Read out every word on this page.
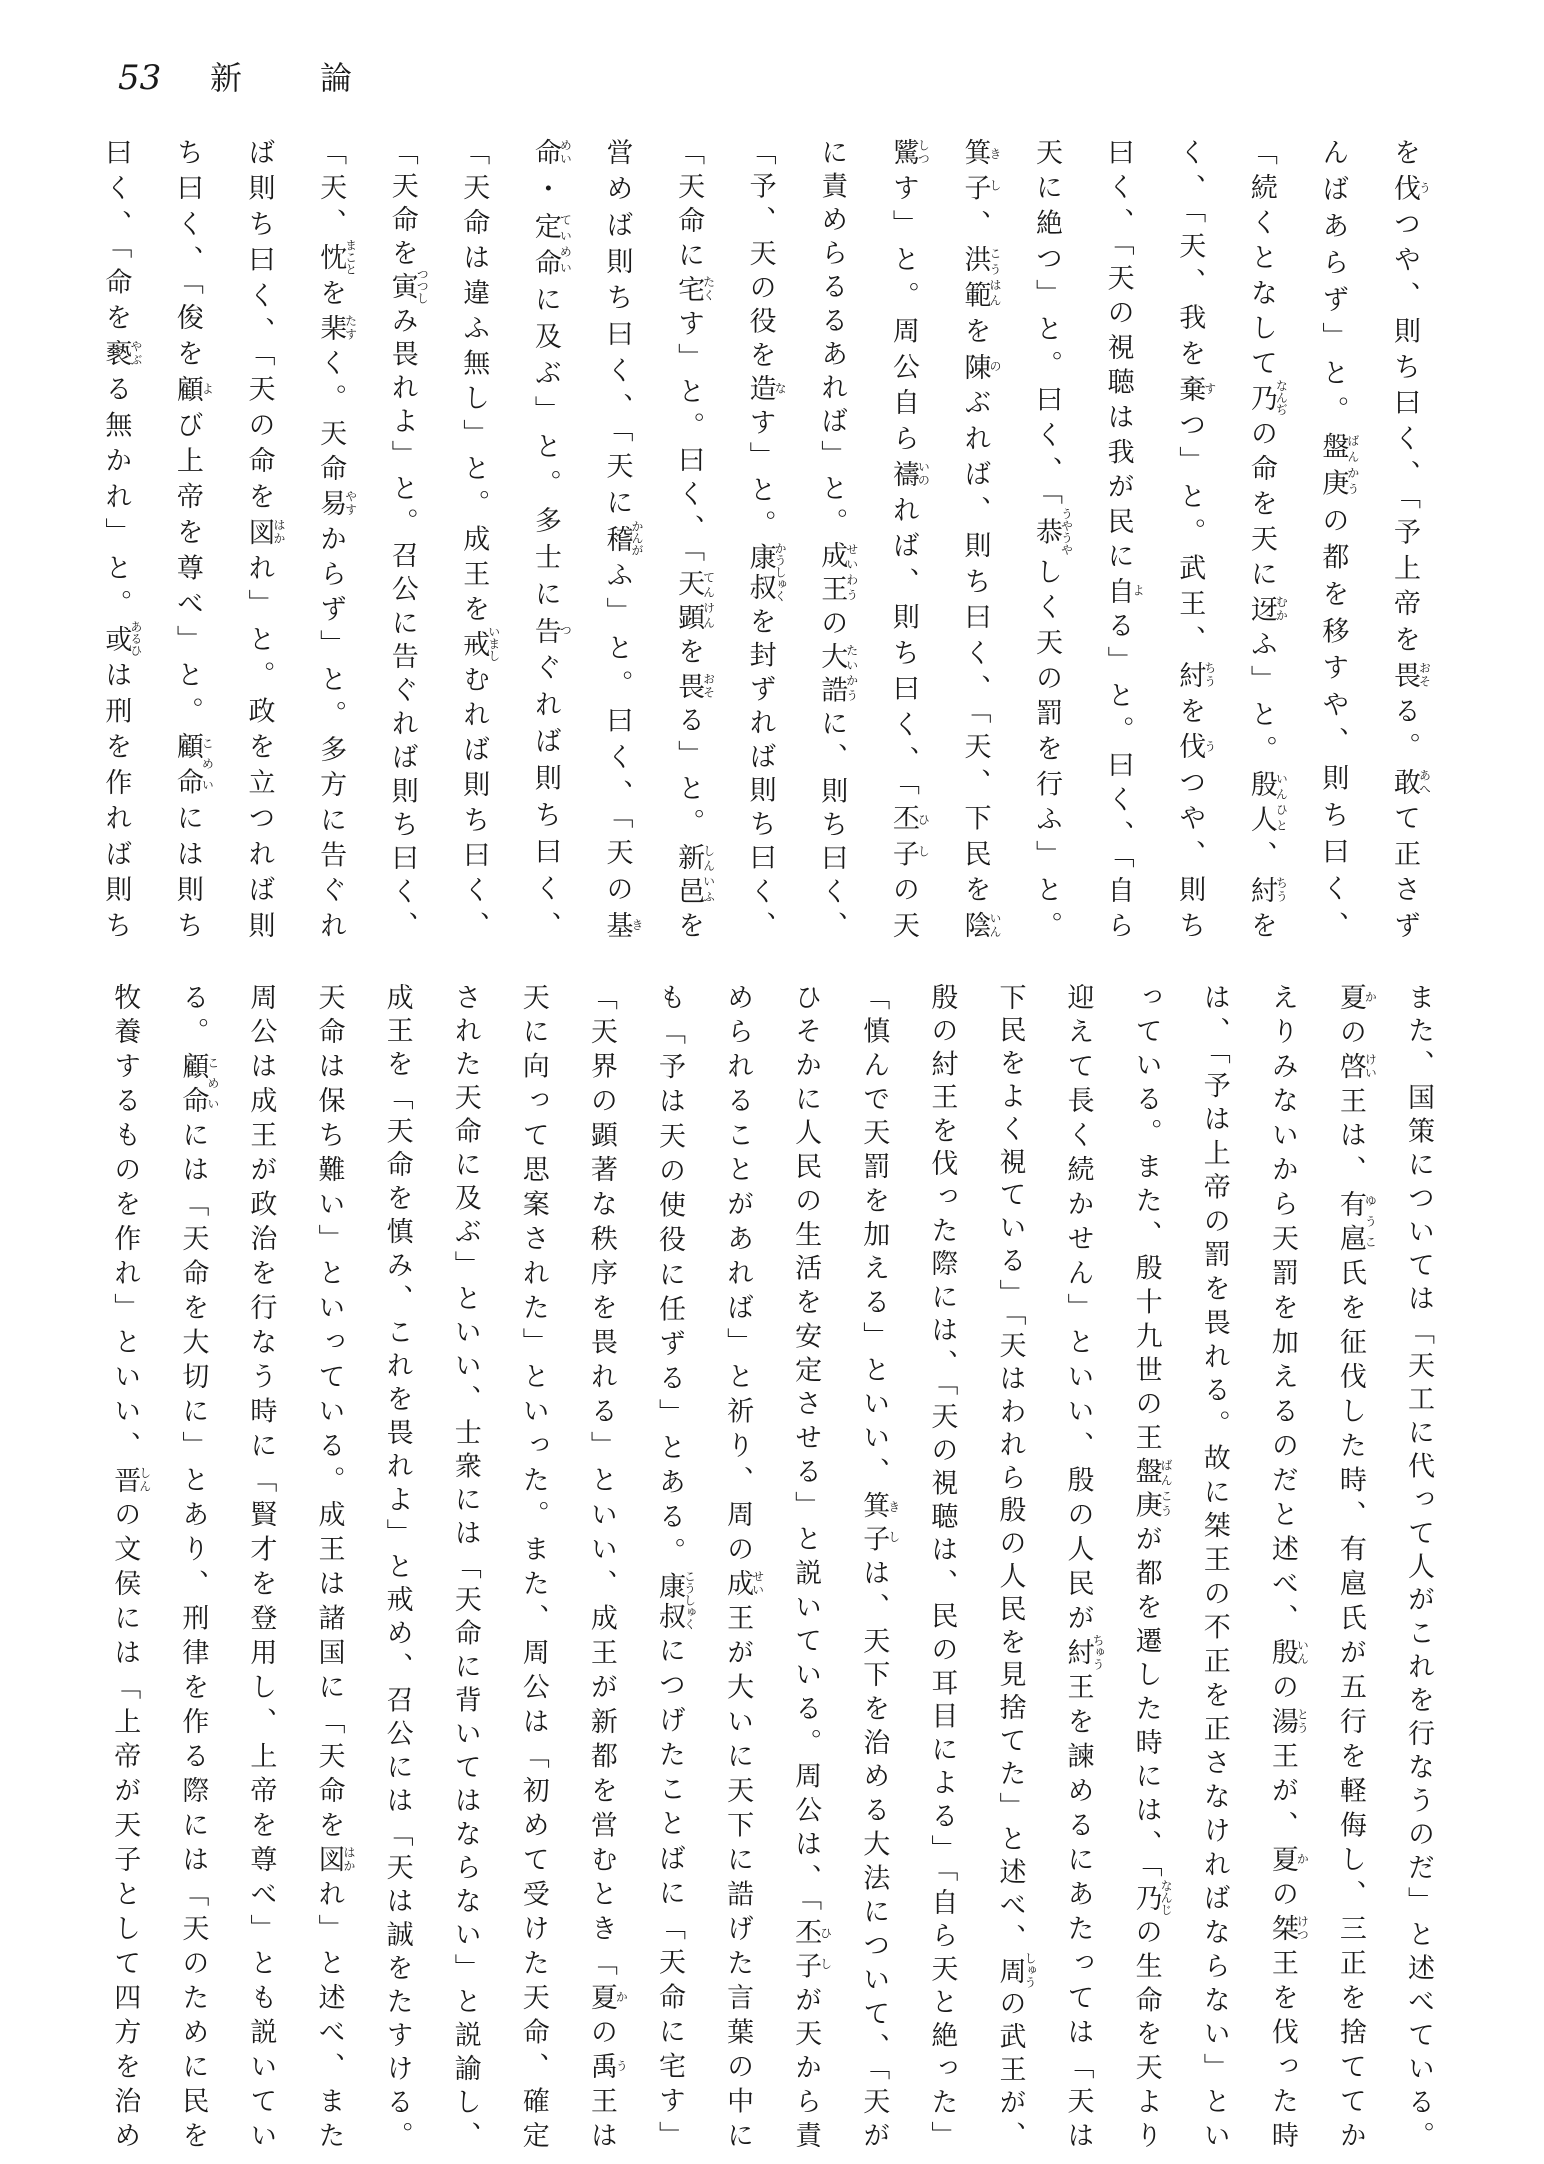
53 新論

を伐うつや、則ち曰く、「予上帝を畏おそる。敢あへて正さず

んばあらず」と。盤庚ばんかうの都を移すや、則ち曰く、

「続くとなして乃なんぢの命を天に迓むかふ」と。殷人いんひと、紂ちうを

く、「天、我を棄すつ」と。武王、紂ちうを伐うつや、則ち

曰く、「天の視聴は我が民に自よる」と。曰く、「自ら

天に絶つ」と。曰く、「恭うやうやしく天の罰を行ふ」と。

箕子きし、洪範こうはんを陳のぶれば、則ち曰く、「天、下民を陰いん

騭しつす」と。周公自ら禱いのれば、則ち曰く、「丕子ひしの天

に責めらるるあれば」と。成王せいわうの大誥たいかうに、則ち曰く、

「予、天の役を造なす」と。康叔かうしゅくを封ずれば則ち曰く、

「天命に宅たくす」と。曰く、「天顕てんけんを畏おそる」と。新邑しんいふを

営めば則ち曰く、「天に稽かんがふ」と。曰く、「天の基き

命めい・定命ていめいに及ぶ」と。多士に告つぐれば則ち曰く、

「天命は違ふ無し」と。成王を戒いましむれば則ち曰く、

「天命を寅つつしみ畏れよ」と。召公に告ぐれば則ち曰く、

「天、忱まことを棐たすく。天命易やすからず」と。多方に告ぐれ

ば則ち曰く、「天の命を図はかれ」と。政を立つれば則

ち曰く、「俊を顧よび上帝を尊べ」と。顧命こめいには則ち

曰く、「命を褻やぶる無かれ」と。或あるひは刑を作れば則ち

また、国策については「天工に代って人がこれを行なうのだ」と述べている。

夏かの啓けい王は、有扈ゆうこ氏を征伐した時、有扈氏が五行を軽侮し、三正を捨ててか

えりみないから天罰を加えるのだと述べ、殷いんの湯とう王が、夏かの桀けつ王を伐った時

は、「予は上帝の罰を畏れる。故に桀王の不正を正さなければならない」とい

っている。また、殷十九世の王盤庚ばんこうが都を遷した時には、「乃なんじの生命を天より

迎えて長く続かせん」といい、殷の人民が紂ちゅう王を諫めるにあたっては「天は

下民をよく視ている」「天はわれら殷の人民を見捨てた」と述べ、周しゅうの武王が、

殷の紂王を伐った際には、「天の視聴は、民の耳目による」「自ら天と絶った」

「慎んで天罰を加える」といい、箕子きしは、天下を治める大法について、「天が

ひそかに人民の生活を安定させる」と説いている。周公は、「丕子ひしが天から責

められることがあれば」と祈り、周の成せい王が大いに天下に誥げた言葉の中に

も「予は天の使役に任ずる」とある。康叔こうしゅくにつげたことばに「天命に宅す」

「天界の顕著な秩序を畏れる」といい、成王が新都を営むとき「夏かの禹う王は

天に向って思案された」といった。また、周公は「初めて受けた天命、確定

された天命に及ぶ」といい、士衆には「天命に背いてはならない」と説諭し、

成王を「天命を慎み、これを畏れよ」と戒め、召公には「天は誠をたすける。

天命は保ち難い」といっている。成王は諸国に「天命を図はかれ」と述べ、また

周公は成王が政治を行なう時に「賢才を登用し、上帝を尊べ」とも説いてい

る。顧命こめいには「天命を大切に」とあり、刑律を作る際には「天のために民を

牧養するものを作れ」といい、晋しんの文侯には「上帝が天子として四方を治め
